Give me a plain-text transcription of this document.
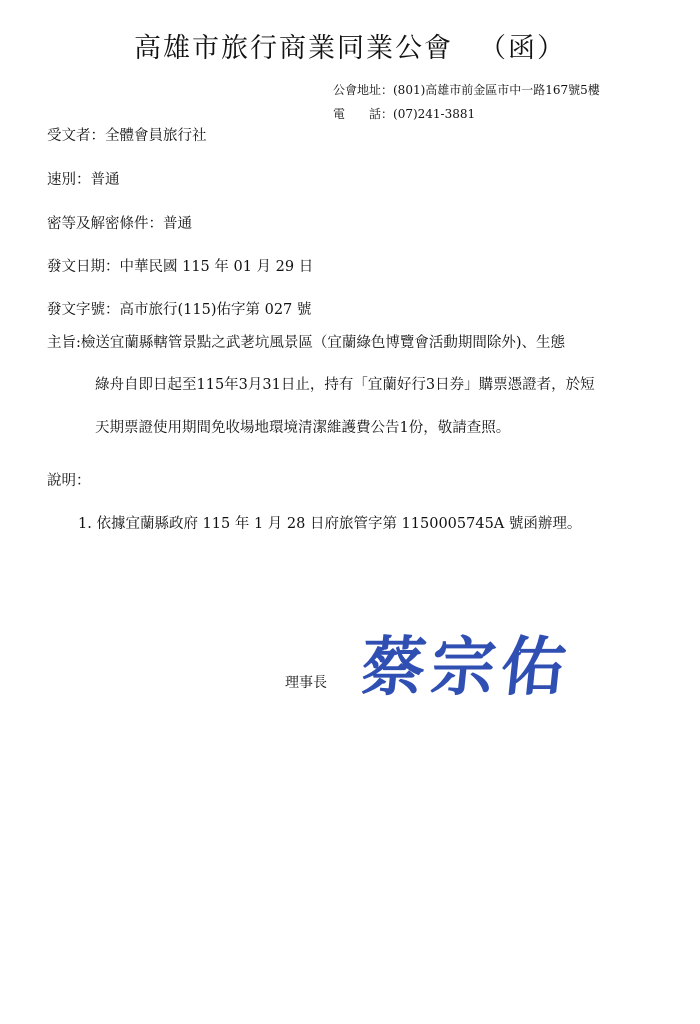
高雄市旅行商業同業公會 （函）
公會地址：(801)高雄市前金區市中一路167號5樓
電　　話：(07)241-3881
受文者：全體會員旅行社
速別：普通
密等及解密條件：普通
發文日期：中華民國 115 年 01 月 29 日
發文字號：高市旅行(115)佑字第 027 號
主旨:檢送宜蘭縣轄管景點之武荖坑風景區（宜蘭綠色博覽會活動期間除外)、生態
綠舟自即日起至115年3月31日止，持有「宜蘭好行3日券」購票憑證者，於短
天期票證使用期間免收場地環境清潔維護費公告1份，敬請查照。
說明：
1. 依據宜蘭縣政府 115 年 1 月 28 日府旅管字第 1150005745A 號函辦理。
理事長 蔡宗佑
